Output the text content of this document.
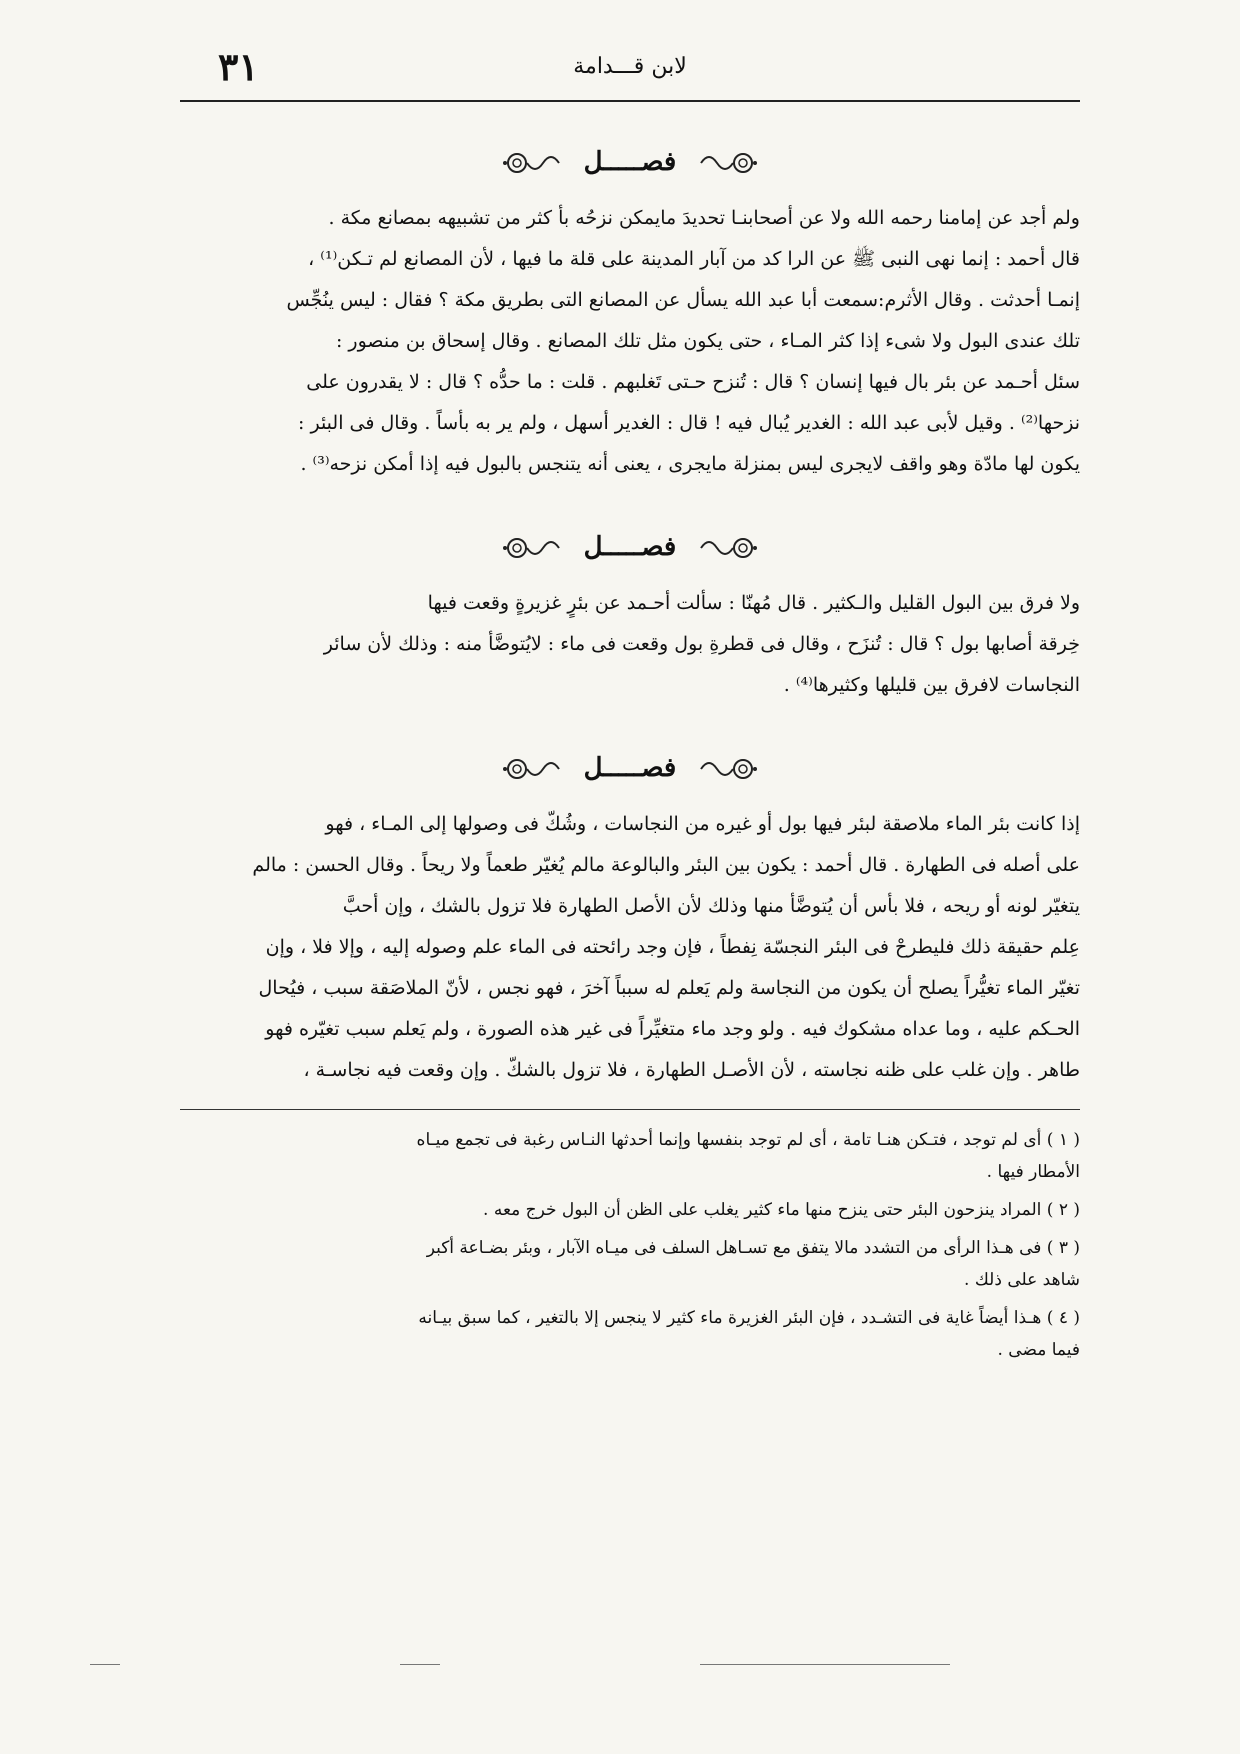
لابن قـــدامة
٣١
فصـــــل

ولم أجد عن إمامنا رحمه الله ولا عن أصحابنـا تحديدَ مايمكن نزحُه بأ كثر من تشبيهه بمصانع مكة .

قال أحمد : إنما نهى النبى ﷺ عن الرا كد من آبار المدينة على قلة ما فيها ، لأن المصانع لم تـكن⁽¹⁾ ،

إنمـا أحدثت . وقال الأثرم:سمعت أبا عبد الله يسأل عن المصانع التى بطريق مكة ؟ فقال : ليس ينُجِّس

تلك عندى البول ولا شىء إذا كثر المـاء ، حتى يكون مثل تلك المصانع . وقال إسحاق بن منصور :

سئل أحـمد عن بئر بال فيها إنسان ؟ قال : تُنزح حـتى تَغلبهم . قلت : ما حدُّه ؟ قال : لا يقدرون على

نزحها⁽²⁾ . وقيل لأبى عبد الله : الغدير يُبال فيه ! قال : الغدير أسهل ، ولم ير به بأساً . وقال فى البئر :

يكون لها مادّة وهو واقف لايجرى ليس بمنزلة مايجرى ، يعنى أنه يتنجس بالبول فيه إذا أمكن نزحه⁽³⁾ .

فصـــــل

ولا فرق بين البول القليل والـكثير . قال مُهنّا : سألت أحـمد عن بئرٍ غزيرةٍ وقعت فيها

خِرقة أصابها بول ؟ قال : تُنزَح ، وقال فى قطرةِ بول وقعت فى ماء : لايُتوضَّأ منه : وذلك لأن سائر

النجاسات لافرق بين قليلها وكثيرها⁽⁴⁾ .

فصـــــل

إذا كانت بئر الماء ملاصقة لبئر فيها بول أو غيره من النجاسات ، وشُكّ فى وصولها إلى المـاء ، فهو

على أصله فى الطهارة . قال أحمد : يكون بين البئر والبالوعة مالم يُغيّر طعماً ولا ريحاً . وقال الحسن : مالم

يتغيّر لونه أو ريحه ، فلا بأس أن يُتوضَّأ منها وذلك لأن الأصل الطهارة فلا تزول بالشك ، وإن أحبَّ

عِلم حقيقة ذلك فليطرحْ فى البئر النجسّة نِفطاً ، فإن وجد رائحته فى الماء علم وصوله إليه ، وإلا فلا ، وإن

تغيّر الماء تغيُّراً يصلح أن يكون من النجاسة ولم يَعلم له سبباً آخرَ ، فهو نجس ، لأنّ الملاصَقة سبب ، فيُحال

الحـكم عليه ، وما عداه مشكوك فيه . ولو وجد ماء متغيِّراً فى غير هذه الصورة ، ولم يَعلم سبب تغيّره فهو

طاهر . وإن غلب على ظنه نجاسته ، لأن الأصـل الطهارة ، فلا تزول بالشكّ . وإن وقعت فيه نجاسـة ،

( ١ ) أى لم توجد ، فتـكن هنـا تامة ، أى لم توجد بنفسها وإنما أحدثها النـاس رغبة فى تجمع ميـاه

الأمطار فيها .

( ٢ ) المراد ينزحون البئر حتى ينزح منها ماء كثير يغلب على الظن أن البول خرج معه .

( ٣ ) فى هـذا الرأى من التشدد مالا يتفق مع تسـاهل السلف فى ميـاه الآبار ، وبئر بضـاعة أكبر

شاهد على ذلك .

( ٤ ) هـذا أيضاً غاية فى التشـدد ، فإن البئر الغزيرة ماء كثير لا ينجس إلا بالتغير ، كما سبق بيـانه

فيما مضى .
